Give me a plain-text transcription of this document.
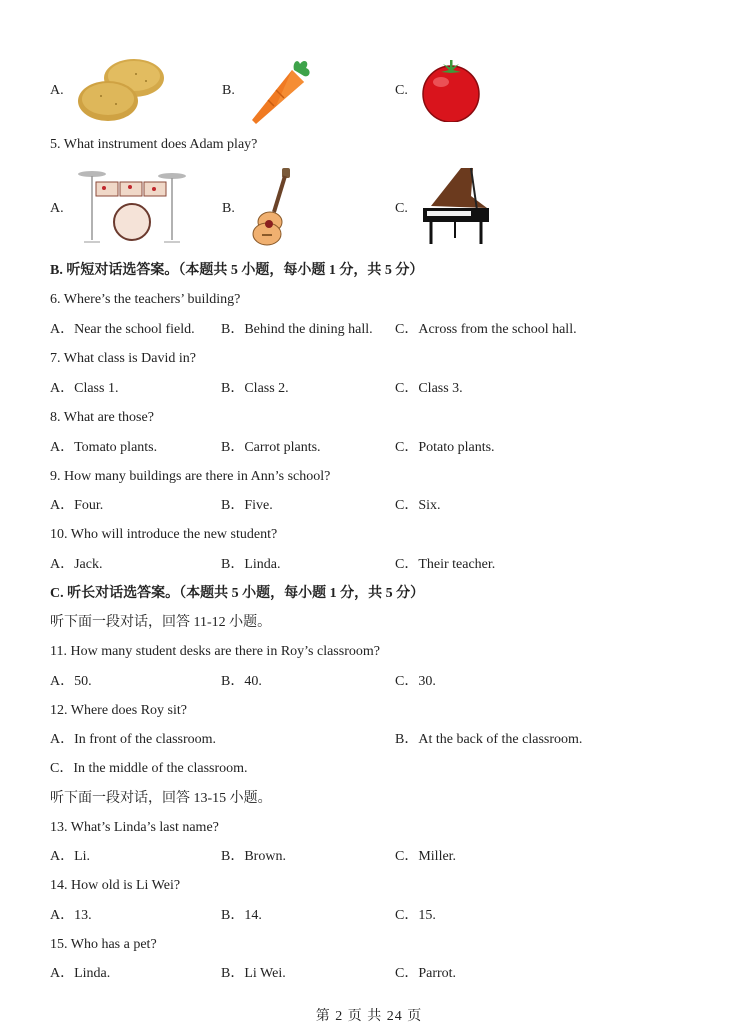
A.	B.	C.
5. What instrument does Adam play?
A.	B.	C.
B. 听短对话选答案。（本题共 5 小题，每小题 1 分，共 5 分）
6. Where’s the teachers’ building?
A．Near the school field. B．Behind the dining hall. C．Across from the school hall.
7. What class is David in?
A．Class 1.	B．Class 2.	C．Class 3.
8. What are those?
A．Tomato plants.	B．Carrot plants.	C．Potato plants.
9. How many buildings are there in Ann’s school?
A．Four.	B．Five.	C．Six.
10. Who will introduce the new student?
A．Jack.	B．Linda.	C．Their teacher.
C. 听长对话选答案。（本题共 5 小题，每小题 1 分，共 5 分）
听下面一段对话，回答 11-12 小题。
11. How many student desks are there in Roy’s classroom?
A．50.	B．40.	C．30.
12. Where does Roy sit?
A．In front of the classroom.	B．At the back of the classroom.
C．In the middle of the classroom.
听下面一段对话，回答 13-15 小题。
13. What’s Linda’s last name?
A．Li.	B．Brown.	C．Miller.
14. How old is Li Wei?
A．13.	B．14.	C．15.
15. Who has a pet?
A．Linda.	B．Li Wei.	C．Parrot.
第 2 页 共 24 页
